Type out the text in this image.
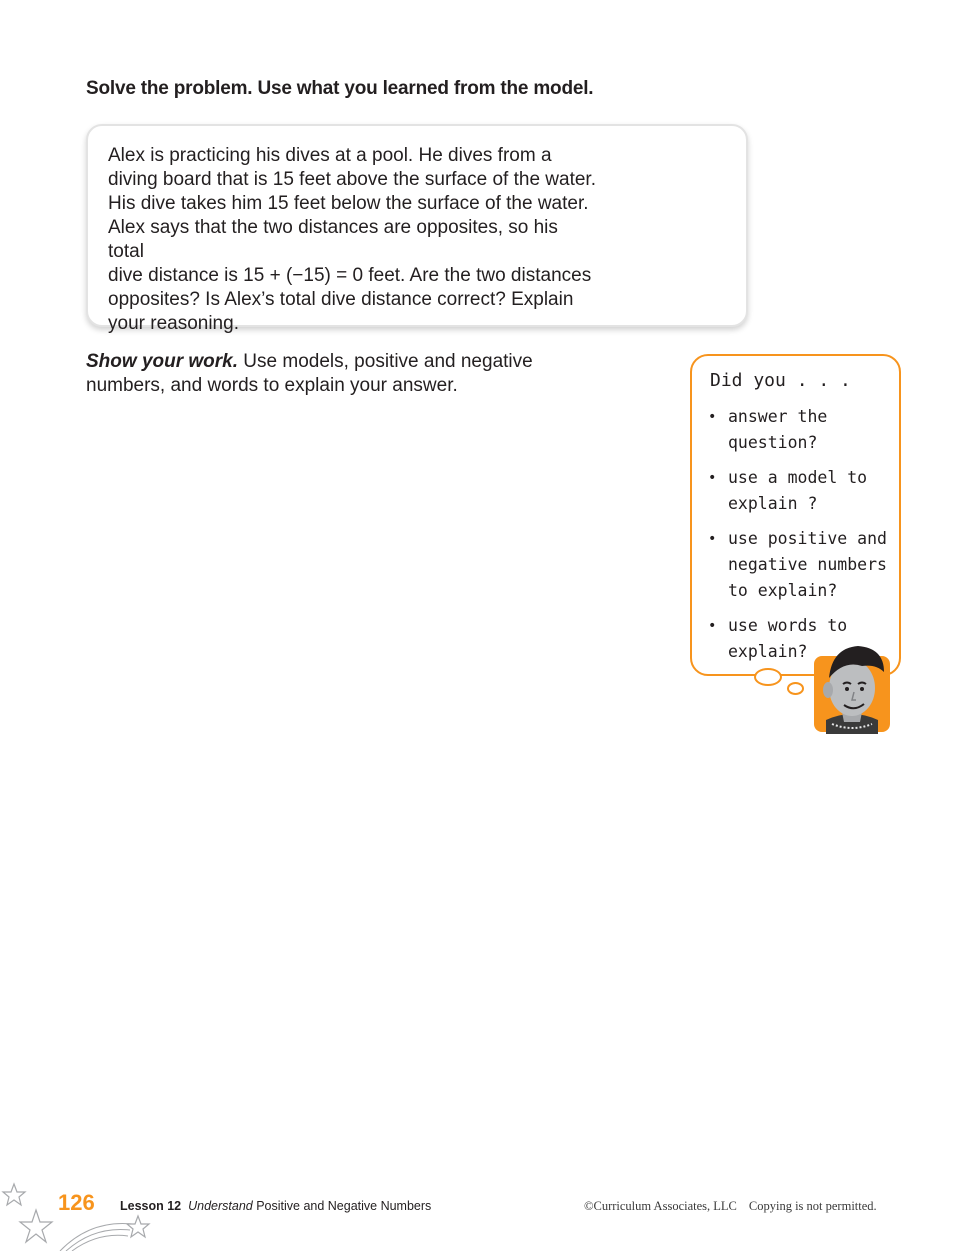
Solve the problem. Use what you learned from the model.

Alex is practicing his dives at a pool. He dives from a
diving board that is 15 feet above the surface of the water.
His dive takes him 15 feet below the surface of the water.
Alex says that the two distances are opposites, so his total
dive distance is 15 + (−15) = 0 feet. Are the two distances
opposites? Is Alex’s total dive distance correct? Explain
your reasoning.

Show your work. Use models, positive and negative
numbers, and words to explain your answer.	Did you . . .
• answer the
question?
• use a model to
explain ?
• use positive and
negative numbers
to explain?
• use words to
explain?
126 Lesson 12 Understand Positive and Negative Numbers	©Curriculum Associates, LLC Copying is not permitted.
